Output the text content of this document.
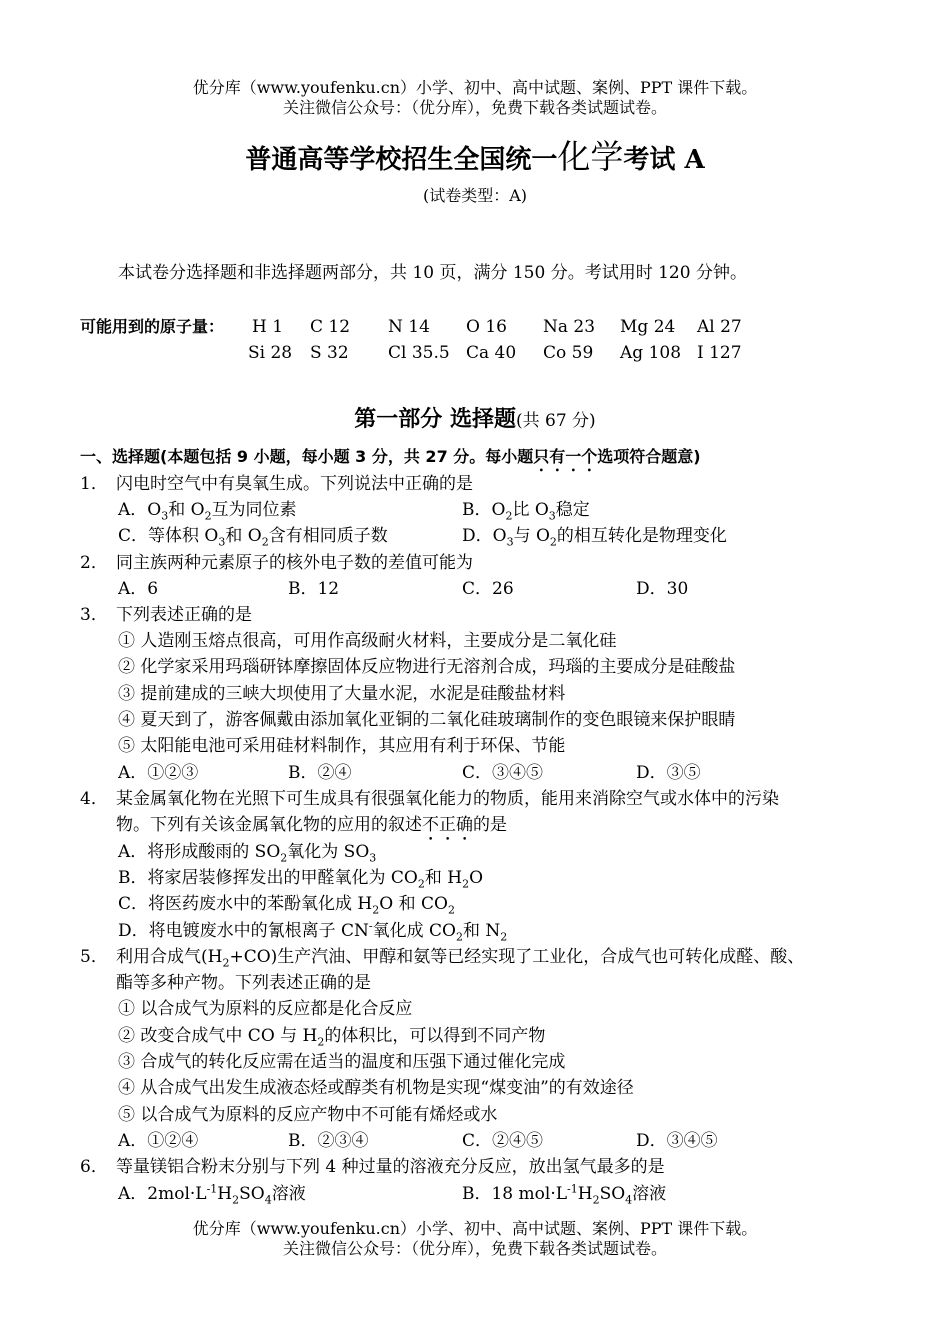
优分库（www.youfenku.cn）小学、初中、高中试题、案例、PPT 课件下载。
关注微信公众号：（优分库），免费下载各类试题试卷。
普通高等学校招生全国统一化学考试 A
(试卷类型：A)
本试卷分选择题和非选择题两部分，共 10 页，满分 150 分。考试用时 120 分钟。
可能用到的原子量： H 1 C 12 N 14 O 16 Na 23 Mg 24 Al 27
Si 28 S 32 Cl 35.5 Ca 40 Co 59 Ag 108 I 127
第一部分 选择题(共 67 分)
一、选择题(本题包括 9 小题，每小题 3 分，共 27 分。每小题只有一个选项符合题意)
1． 闪电时空气中有臭氧生成。下列说法中正确的是
A．$O_3$和 $O_2$互为同位素	B．$O_2$比 $O_3$稳定
C．等体积 $O_3$和 $O_2$含有相同质子数	D．$O_3$与 $O_2$的相互转化是物理变化
2． 同主族两种元素原子的核外电子数的差值可能为
A．6	B．12	C．26	D．30
3． 下列表述正确的是
① 人造刚玉熔点很高，可用作高级耐火材料，主要成分是二氧化硅
② 化学家采用玛瑙研钵摩擦固体反应物进行无溶剂合成，玛瑙的主要成分是硅酸盐
③ 提前建成的三峡大坝使用了大量水泥，水泥是硅酸盐材料
④ 夏天到了，游客佩戴由添加氧化亚铜的二氧化硅玻璃制作的变色眼镜来保护眼睛
⑤ 太阳能电池可采用硅材料制作，其应用有利于环保、节能
A．①②③	B．②④	C．③④⑤	D．③⑤
4． 某金属氧化物在光照下可生成具有很强氧化能力的物质，能用来消除空气或水体中的污染
物。下列有关该金属氧化物的应用的叙述不正确的是
A．将形成酸雨的 $SO_2$氧化为 $SO_3$
B．将家居装修挥发出的甲醛氧化为 $CO_2$和 $H_2O$
C．将医药废水中的苯酚氧化成 $H_2O$ 和 $CO_2$
D．将电镀废水中的氰根离子 CN-氧化成 $CO_2$和 $N_2$
5． 利用合成气$(H_2+CO)$生产汽油、甲醇和氨等已经实现了工业化，合成气也可转化成醛、酸、
酯等多种产物。下列表述正确的是
① 以合成气为原料的反应都是化合反应
② 改变合成气中 CO 与 $H_2$的体积比，可以得到不同产物
③ 合成气的转化反应需在适当的温度和压强下通过催化完成
④ 从合成气出发生成液态烃或醇类有机物是实现“煤变油”的有效途径
⑤ 以合成气为原料的反应产物中不可能有烯烃或水
A．①②④	B．②③④	C．②④⑤	D．③④⑤
6． 等量镁铝合粉末分别与下列 4 种过量的溶液充分反应，放出氢气最多的是
A．$2mol\cdot L^{-1}H_2SO_4$溶液	B．18 $mol\cdot L^{-1}H_2SO_4$溶液
优分库（www.youfenku.cn）小学、初中、高中试题、案例、PPT 课件下载。
关注微信公众号：（优分库），免费下载各类试题试卷。
